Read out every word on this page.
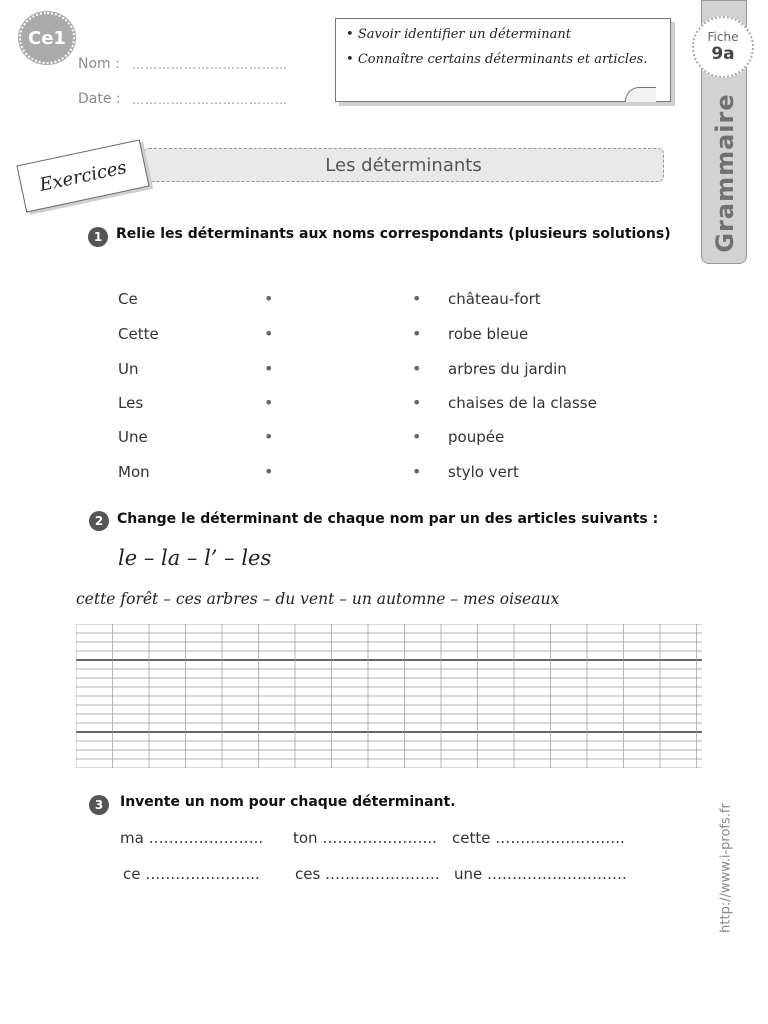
Ce1
Nom : ………………………………
Date : ………………………………
• Savoir identifier un déterminant
• Connaître certains déterminants et articles.
Grammaire
Fiche
9a
Les déterminants
Exercices
1 Relie les déterminants aux noms correspondants (plusieurs solutions)
Ce
Cette
Un
Les
Une
Mon
•
•
•
•
•
•
•
•
•
•
•
•
château-fort
robe bleue
arbres du jardin
chaises de la classe
poupée
stylo vert
2 Change le déterminant de chaque nom par un des articles suivants :
le – la – l’ – les
cette forêt – ces arbres – du vent – un automne – mes oiseaux
3	Invente un nom pour chaque déterminant.
ma ………………….. ton ………………….. cette ……………………..
ce ………………….. ces ………………….. une ……………………….	http://www.i-profs.fr
